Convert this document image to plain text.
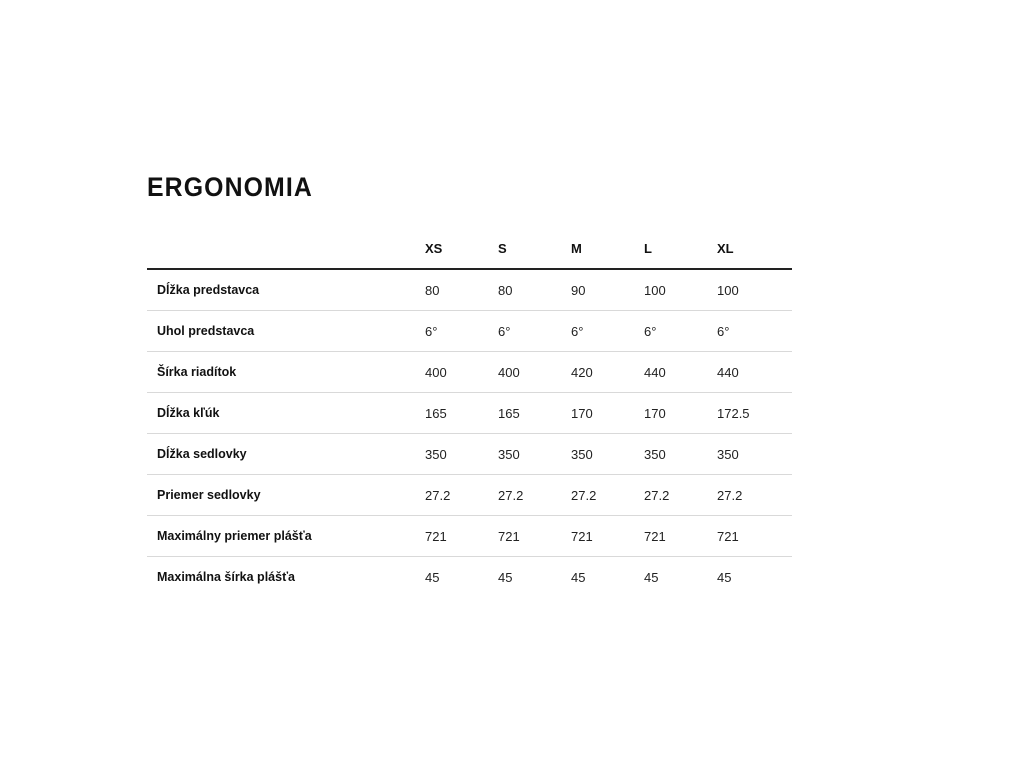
ERGONOMIA
	XS	S	M	L	XL
Dĺžka predstavca	80	80	90	100	100
Uhol predstavca	6°	6°	6°	6°	6°
Šírka riadítok	400	400	420	440	440
Dĺžka kľúk	165	165	170	170	172.5
Dĺžka sedlovky	350	350	350	350	350
Priemer sedlovky	27.2	27.2	27.2	27.2	27.2
Maximálny priemer plášťa	721	721	721	721	721
Maximálna šírka plášťa	45	45	45	45	45
